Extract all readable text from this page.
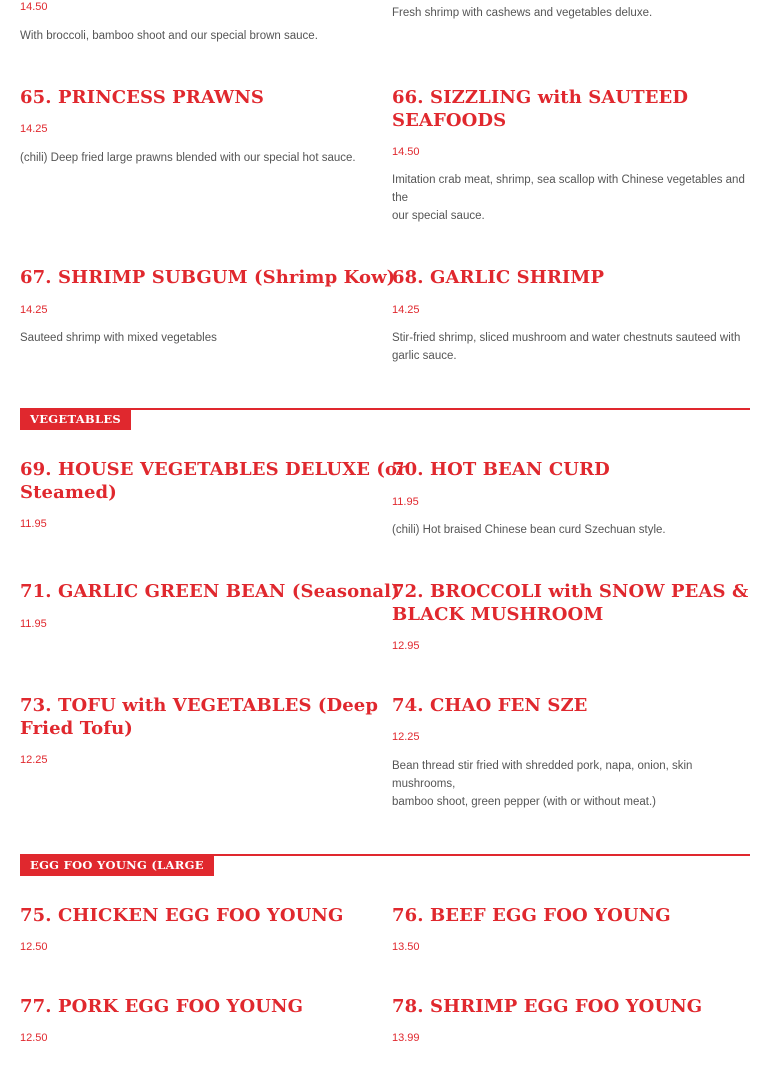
14.50
With broccoli, bamboo shoot and our special brown sauce.
Fresh shrimp with cashews and vegetables deluxe.
65. PRINCESS PRAWNS
14.25
(chili) Deep fried large prawns blended with our special hot sauce.
66. SIZZLING with SAUTEED
SEAFOODS
14.50
Imitation crab meat, shrimp, sea scallop with Chinese vegetables and
the
our special sauce.
67. SHRIMP SUBGUM (Shrimp Kow)
14.25
Sauteed shrimp with mixed vegetables
68. GARLIC SHRIMP
14.25
Stir-fried shrimp, sliced mushroom and water chestnuts sauteed with
garlic sauce.
VEGETABLES
69. HOUSE VEGETABLES DELUXE (or
Steamed)
11.95
70. HOT BEAN CURD
11.95
(chili) Hot braised Chinese bean curd Szechuan style.
71. GARLIC GREEN BEAN (Seasonal)
11.95
72. BROCCOLI with SNOW PEAS &
BLACK MUSHROOM
12.95
73. TOFU with VEGETABLES (Deep
Fried Tofu)
12.25
74. CHAO FEN SZE
12.25
Bean thread stir fried with shredded pork, napa, onion, skin
mushrooms,
bamboo shoot, green pepper (with or without meat.)
EGG FOO YOUNG (LARGE
75. CHICKEN EGG FOO YOUNG
12.50
76. BEEF EGG FOO YOUNG
13.50
77. PORK EGG FOO YOUNG
12.50
78. SHRIMP EGG FOO YOUNG
13.99
